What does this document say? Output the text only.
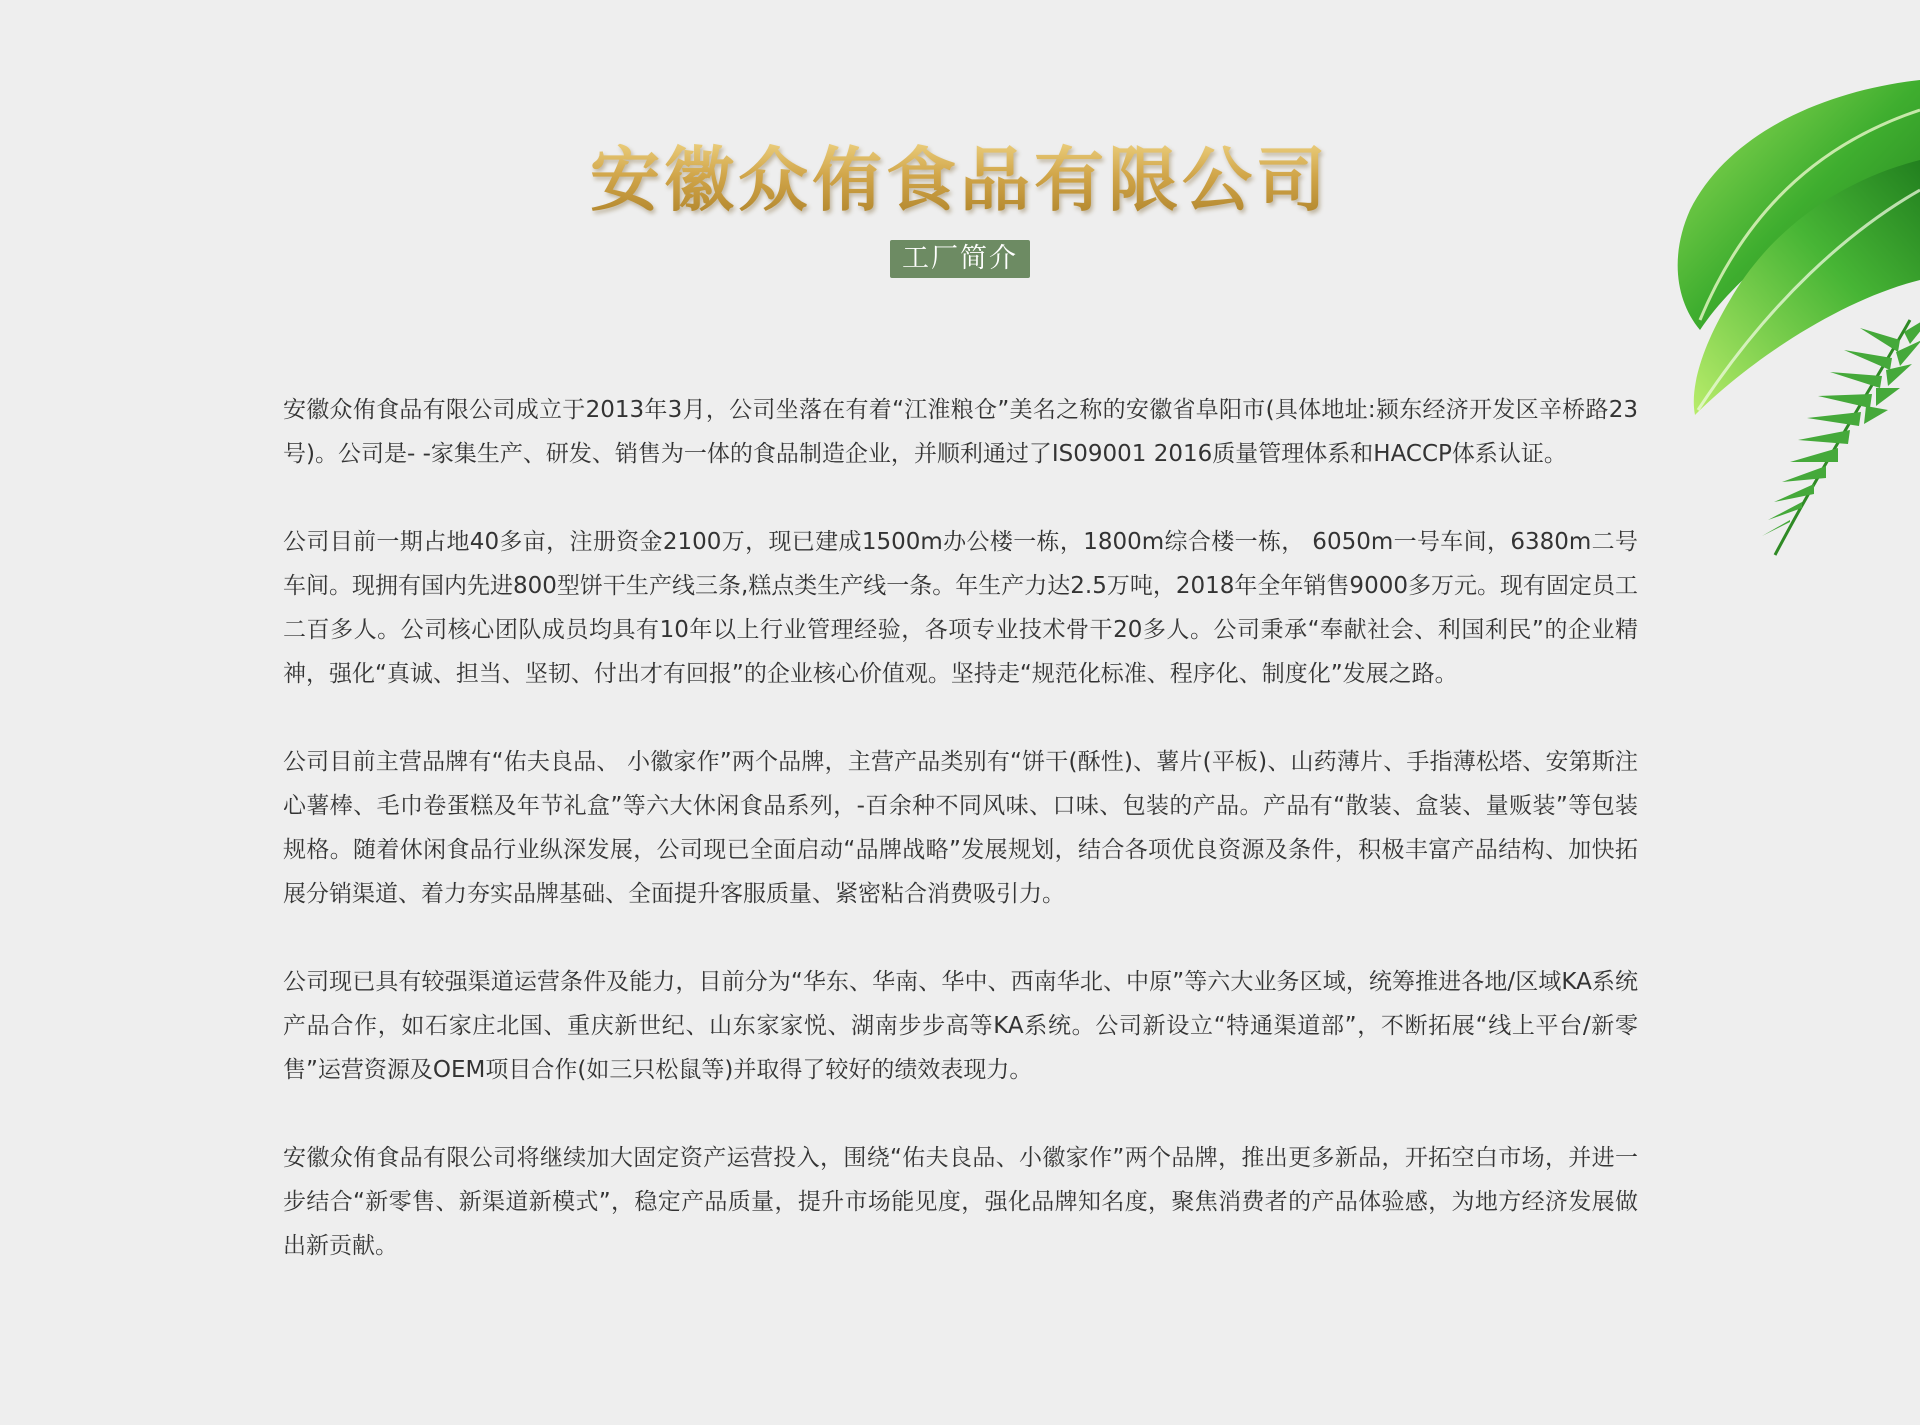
安徽众侑食品有限公司
工厂简介

安徽众侑食品有限公司成立于2013年3月，公司坐落在有着“江淮粮仓”美名之称的安徽省阜阳市(具体地址:颍东经济开发区辛桥路23号)。公司是- -家集生产、研发、销售为一体的食品制造企业，并顺利通过了IS09001 2016质量管理体系和HACCP体系认证。

公司目前一期占地40多亩，注册资金2100万，现已建成1500m办公楼一栋，1800m综合楼一栋， 6050m一号车间，6380m二号车间。现拥有国内先进800型饼干生产线三条,糕点类生产线一条。年生产力达2.5万吨，2018年全年销售9000多万元。现有固定员工二百多人。公司核心团队成员均具有10年以上行业管理经验，各项专业技术骨干20多人。公司秉承“奉献社会、利国利民”的企业精神，强化“真诚、担当、坚韧、付出才有回报”的企业核心价值观。坚持走“规范化标准、程序化、制度化”发展之路。

公司目前主营品牌有“佑夫良品、 小徽家作”两个品牌，主营产品类别有“饼干(酥性)、薯片(平板)、山药薄片、手指薄松塔、安第斯注心薯棒、毛巾卷蛋糕及年节礼盒”等六大休闲食品系列，-百余种不同风味、口味、包装的产品。产品有“散装、盒装、量贩装”等包装规格。随着休闲食品行业纵深发展，公司现已全面启动“品牌战略”发展规划，结合各项优良资源及条件，积极丰富产品结构、加快拓展分销渠道、着力夯实品牌基础、全面提升客服质量、紧密粘合消费吸引力。

公司现已具有较强渠道运营条件及能力，目前分为“华东、华南、华中、西南华北、中原”等六大业务区域，统筹推进各地/区域KA系统产品合作，如石家庄北国、重庆新世纪、山东家家悦、湖南步步高等KA系统。公司新设立“特通渠道部”，不断拓展“线上平台/新零售”运营资源及OEM项目合作(如三只松鼠等)并取得了较好的绩效表现力。

安徽众侑食品有限公司将继续加大固定资产运营投入，围绕“佑夫良品、小徽家作”两个品牌，推出更多新品，开拓空白市场，并进一步结合“新零售、新渠道新模式”，稳定产品质量，提升市场能见度，强化品牌知名度，聚焦消费者的产品体验感，为地方经济发展做出新贡献。
